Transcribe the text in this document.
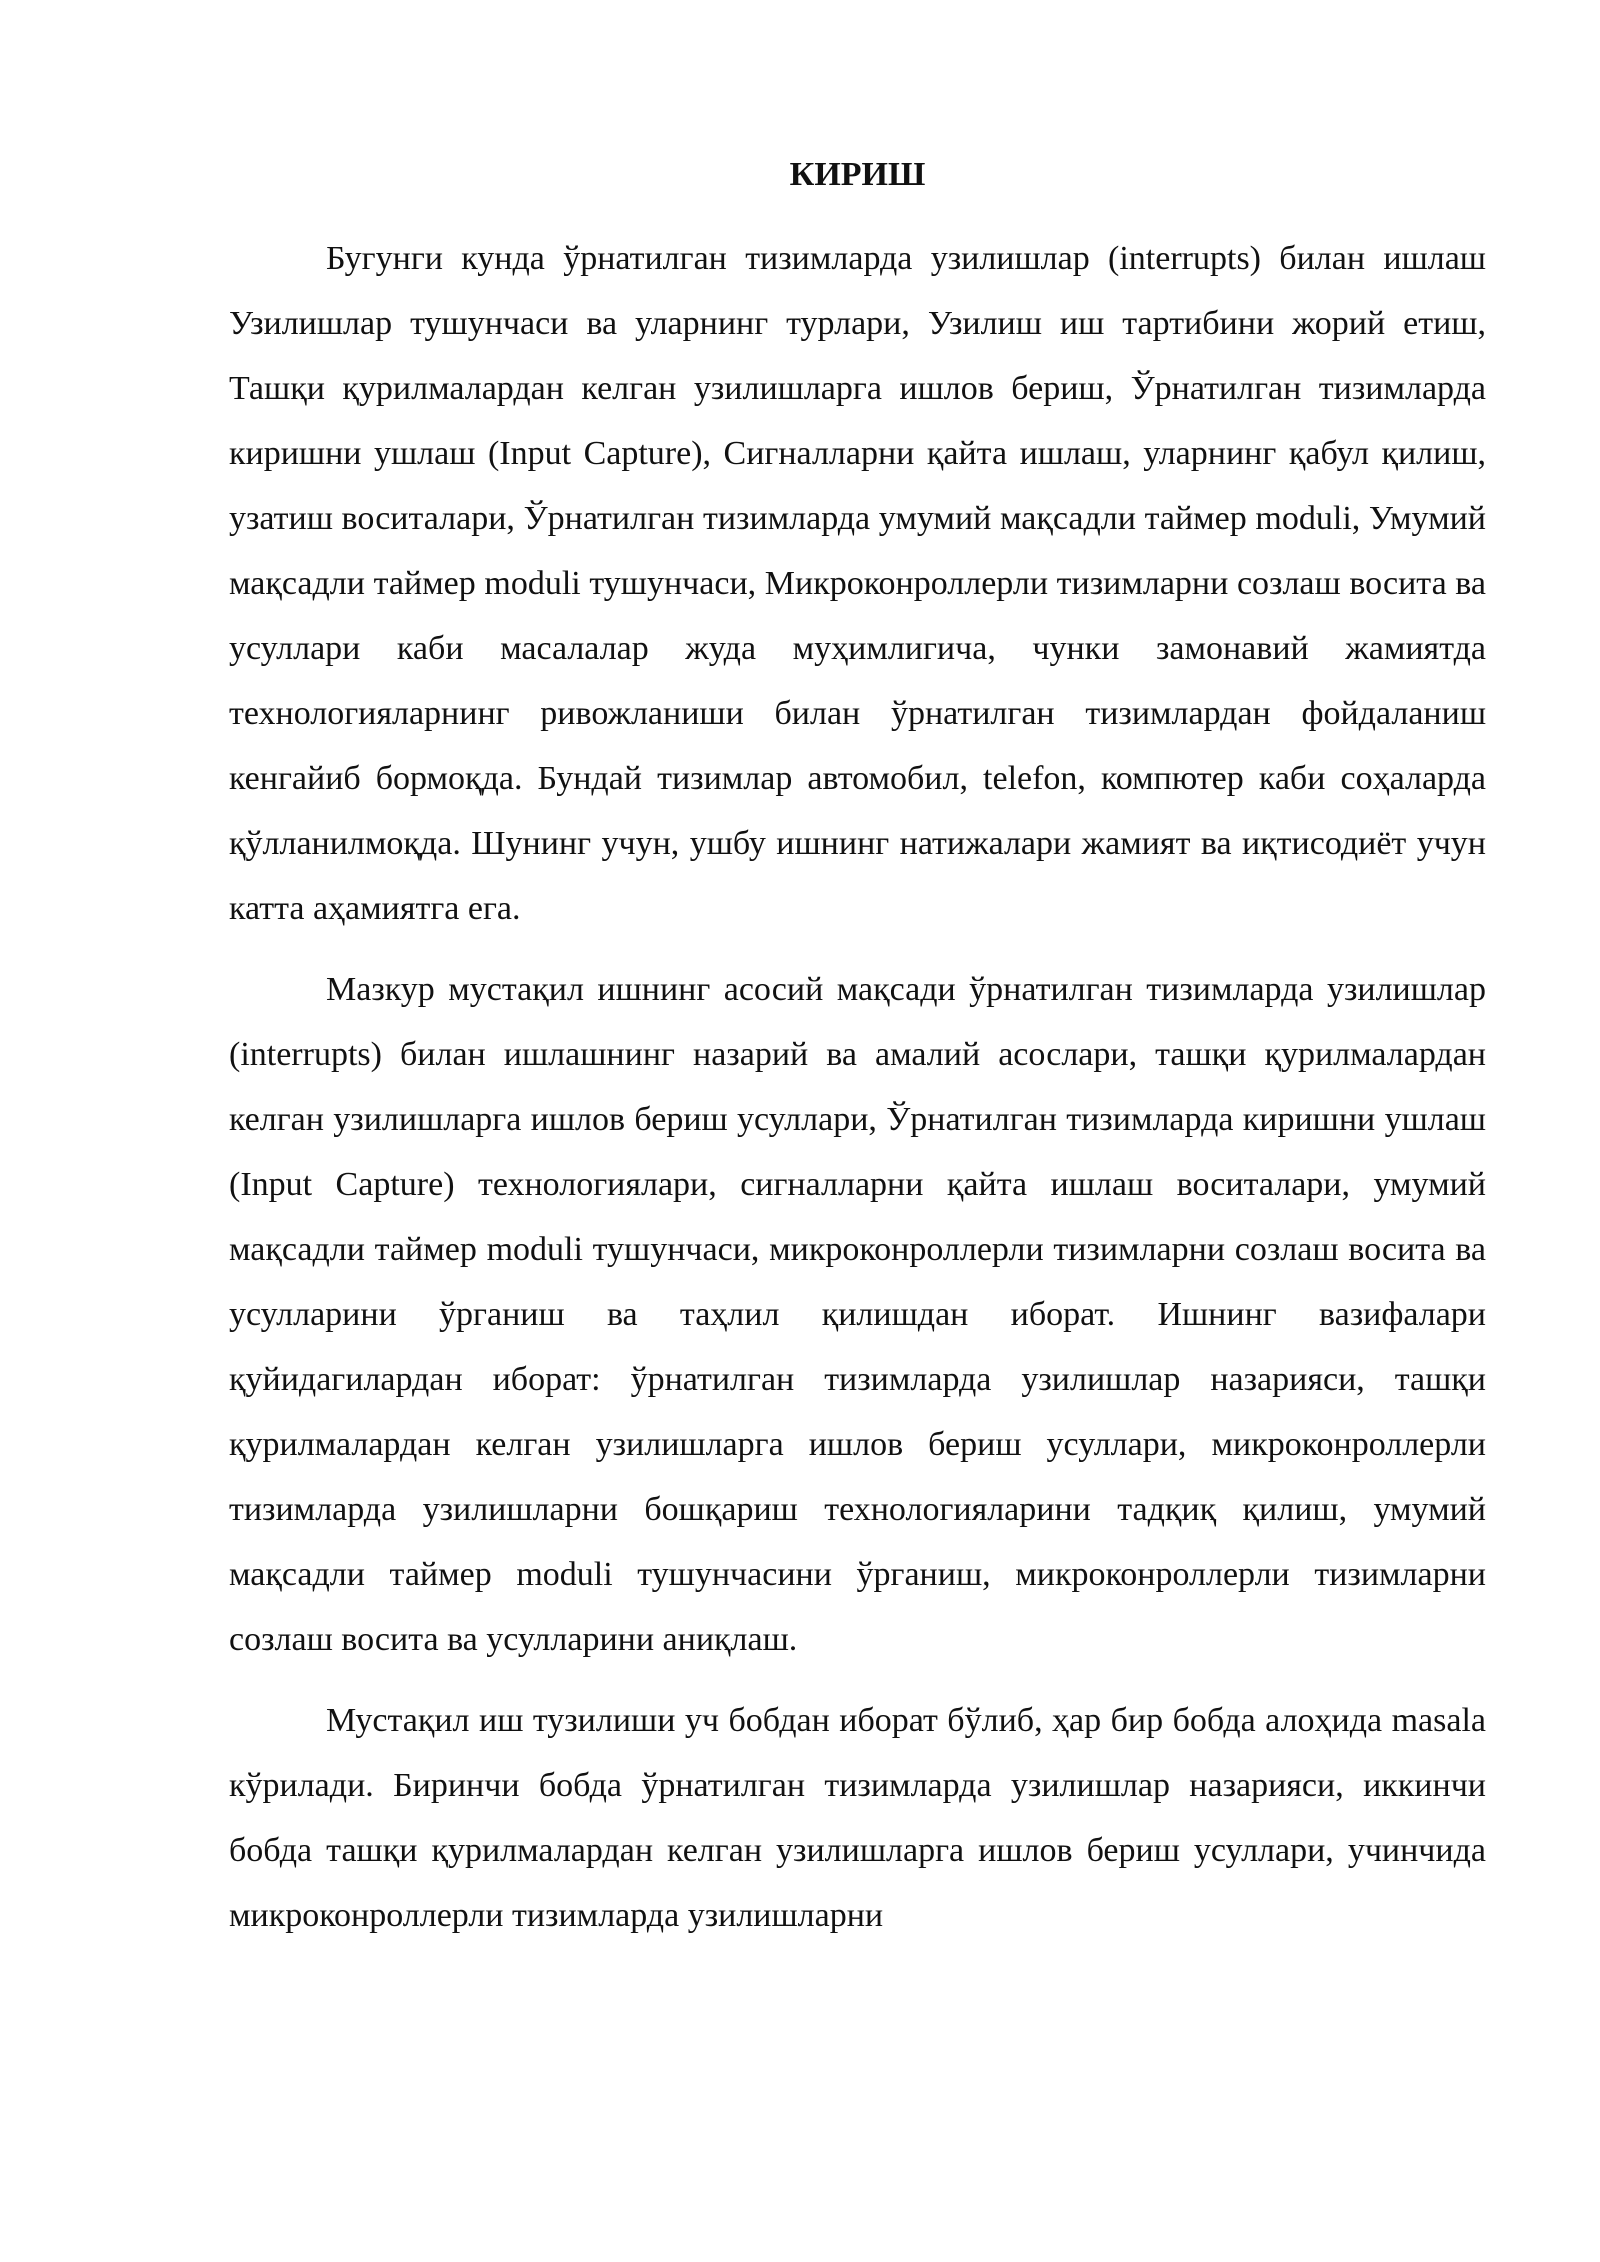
КИРИШ

Бугунги кунда ўрнатилган тизимларда узилишлар (interrupts) билан ишлаш Узилишлар тушунчаси ва уларнинг турлари, Узилиш иш тартибини жорий етиш, Ташқи қурилмалардан келган узилишларга ишлов бериш, Ўрнатилган тизимларда киришни ушлаш (Input Capture), Сигналларни қайта ишлаш, уларнинг қабул қилиш, узатиш воситалари, Ўрнатилган тизимларда умумий мақсадли таймер moduli, Умумий мақсадли таймер moduli тушунчаси, Микроконроллерли тизимларни созлаш восита ва усуллари каби масалалар жуда муҳимлигича, чунки замонавий жамиятда технологияларнинг ривожланиши билан ўрнатилган тизимлардан фойдаланиш кенгайиб бормоқда. Бундай тизимлар автомобил, telefon, компютер каби соҳаларда қўлланилмоқда. Шунинг учун, ушбу ишнинг натижалари жамият ва иқтисодиёт учун катта аҳамиятга ега.

Мазкур мустақил ишнинг асосий мақсади ўрнатилган тизимларда узилишлар (interrupts) билан ишлашнинг назарий ва амалий асослари, ташқи қурилмалардан келган узилишларга ишлов бериш усуллари, Ўрнатилган тизимларда киришни ушлаш (Input Capture) технологиялари, сигналларни қайта ишлаш воситалари, умумий мақсадли таймер moduli тушунчаси, микроконроллерли тизимларни созлаш восита ва усулларини ўрганиш ва таҳлил қилишдан иборат. Ишнинг вазифалари қуйидагилардан иборат: ўрнатилган тизимларда узилишлар назарияси, ташқи қурилмалардан келган узилишларга ишлов бериш усуллари, микроконроллерли тизимларда узилишларни бошқариш технологияларини тадқиқ қилиш, умумий мақсадли таймер moduli тушунчасини ўрганиш, микроконроллерли тизимларни созлаш восита ва усулларини аниқлаш.

Мустақил иш тузилиши уч бобдан иборат бўлиб, ҳар бир бобда алоҳида masala кўрилади. Биринчи бобда ўрнатилган тизимларда узилишлар назарияси, иккинчи бобда ташқи қурилмалардан келган узилишларга ишлов бериш усуллари, учинчида микроконроллерли тизимларда узилишларни
